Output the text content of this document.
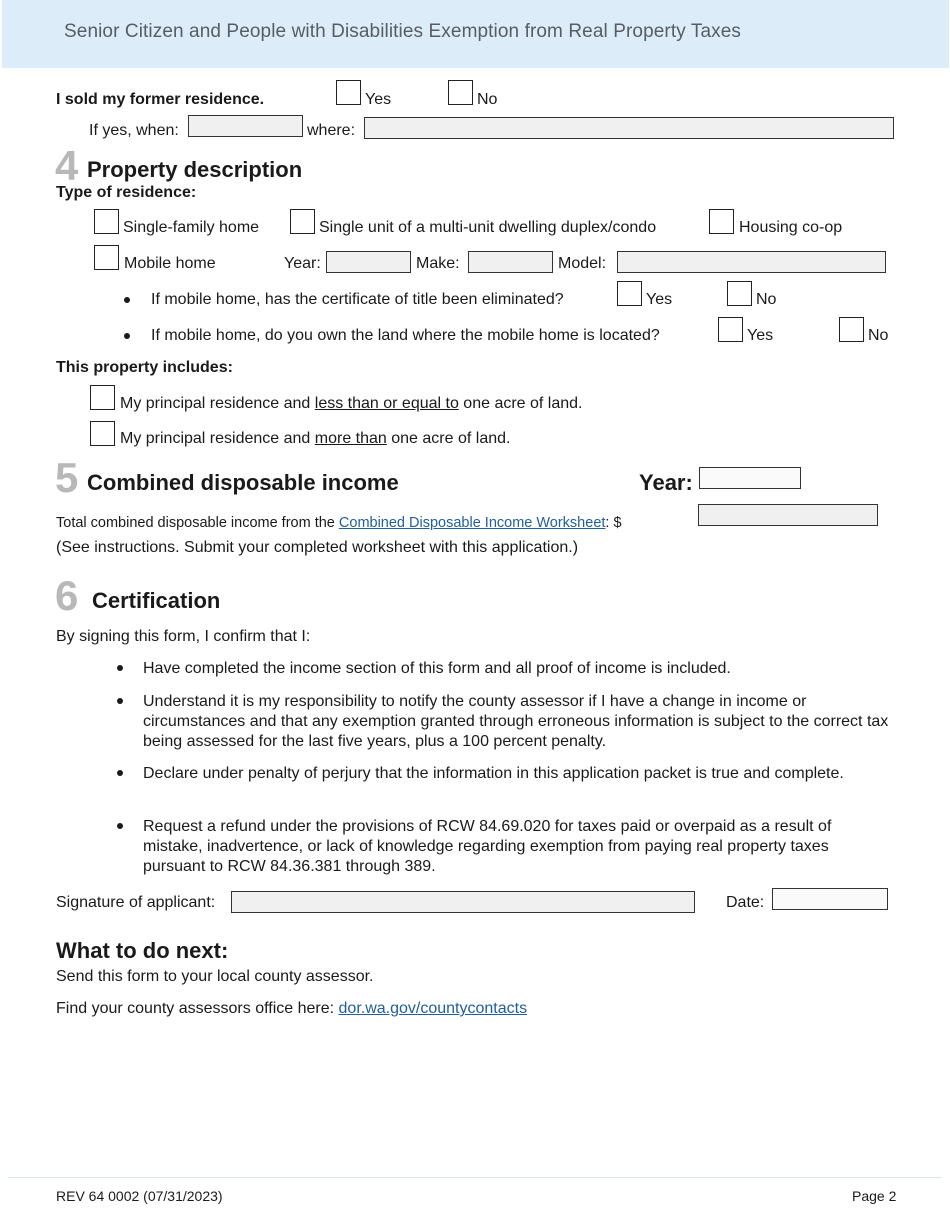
Senior Citizen and People with Disabilities Exemption from Real Property Taxes
I sold my former residence.	Yes	No
If yes, when:	where:
4 Property description
Type of residence:
Single-family home	Single unit of a multi-unit dwelling duplex/condo	Housing co-op
Mobile home	Year:	Make:	Model:
If mobile home, has the certificate of title been eliminated?	Yes	No
If mobile home, do you own the land where the mobile home is located?	Yes	No
This property includes:
My principal residence and less than or equal to one acre of land.
My principal residence and more than one acre of land.
5 Combined disposable income	Year:
Total combined disposable income from the Combined Disposable Income Worksheet: $
(See instructions. Submit your completed worksheet with this application.)
6 Certification
By signing this form, I confirm that I:
Have completed the income section of this form and all proof of income is included.
Understand it is my responsibility to notify the county assessor if I have a change in income or circumstances and that any exemption granted through erroneous information is subject to the correct tax being assessed for the last five years, plus a 100 percent penalty.
Declare under penalty of perjury that the information in this application packet is true and complete.
Request a refund under the provisions of RCW 84.69.020 for taxes paid or overpaid as a result of mistake, inadvertence, or lack of knowledge regarding exemption from paying real property taxes pursuant to RCW 84.36.381 through 389.
Signature of applicant:	Date:
What to do next:
Send this form to your local county assessor.
Find your county assessors office here: dor.wa.gov/countycontacts
REV 64 0002 (07/31/2023)	Page 2
